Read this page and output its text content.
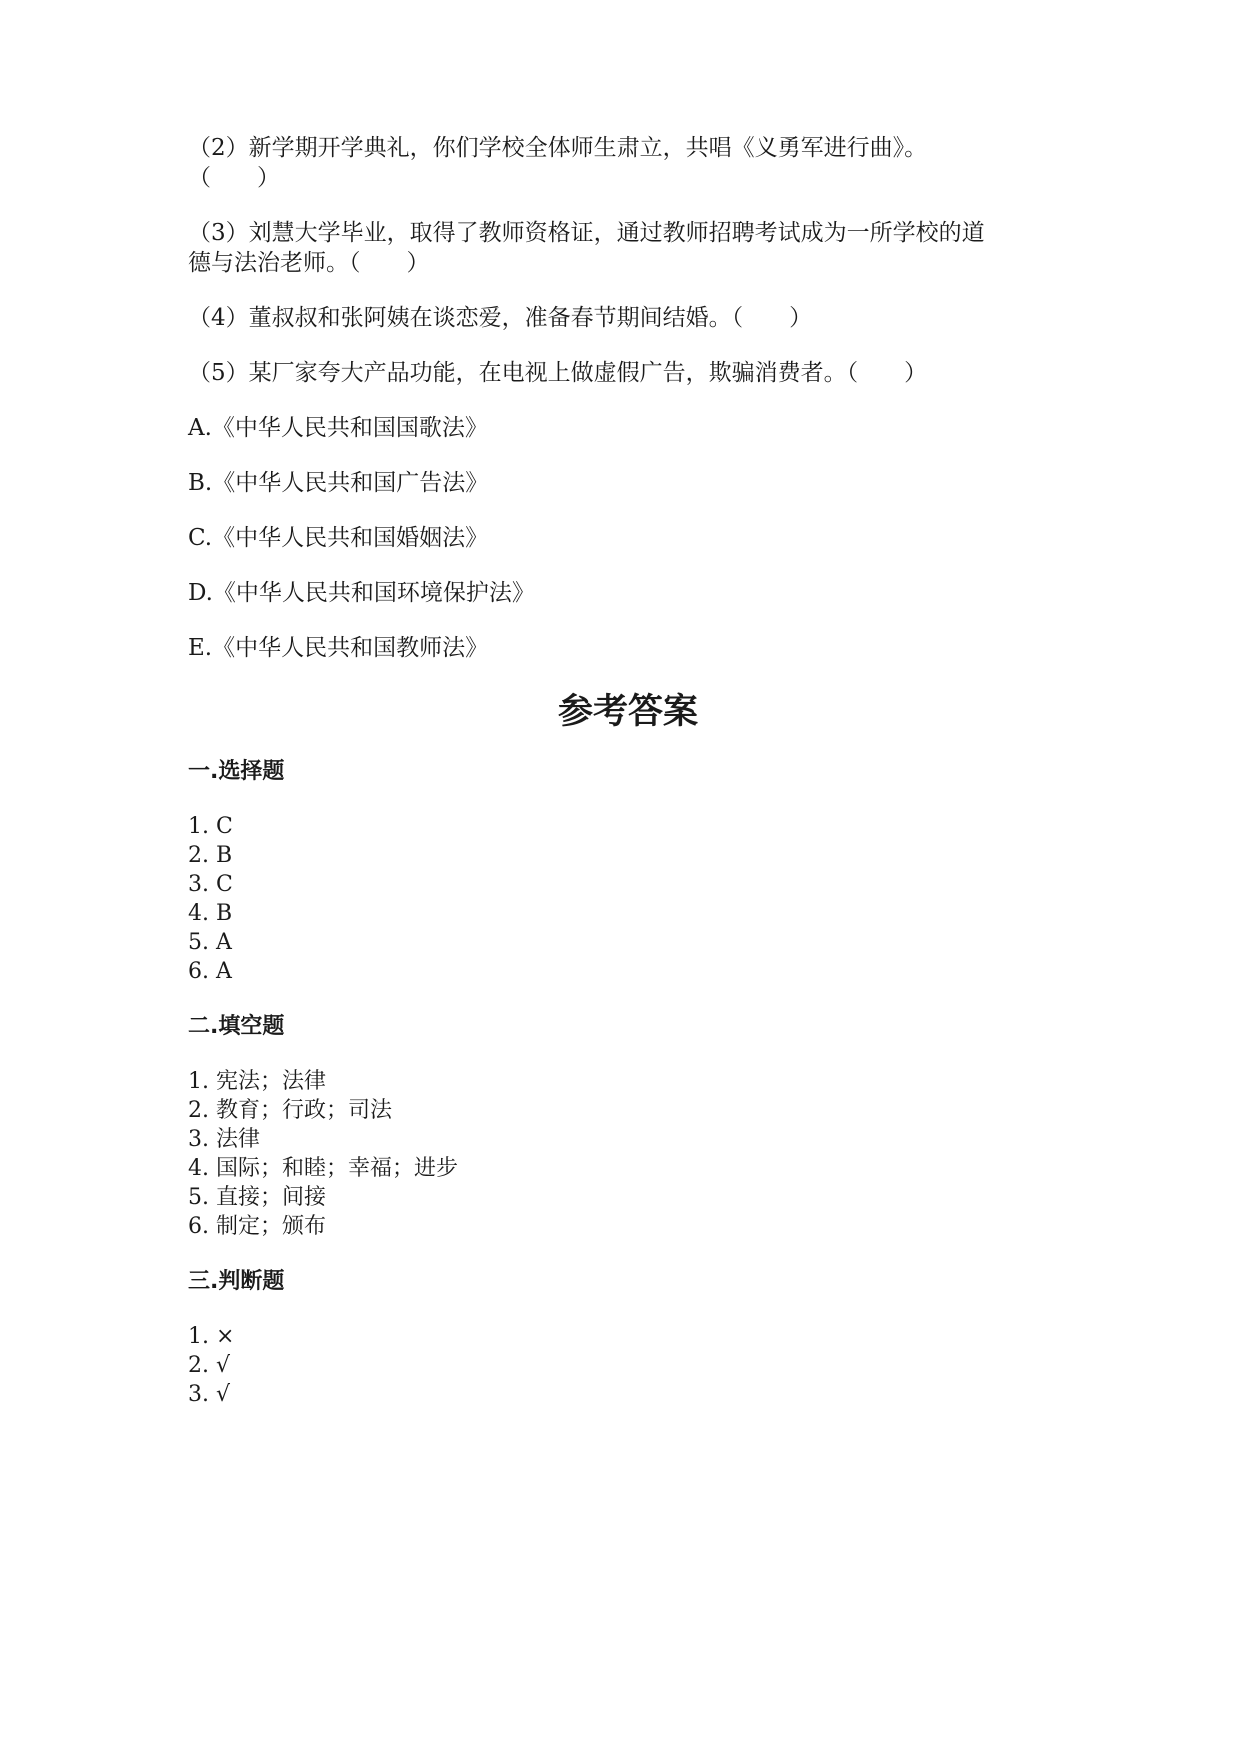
（2）新学期开学典礼，你们学校全体师生肃立，共唱《义勇军进行曲》。
（　　）
（3）刘慧大学毕业，取得了教师资格证，通过教师招聘考试成为一所学校的道
德与法治老师。（　　）
（4）董叔叔和张阿姨在谈恋爱，准备春节期间结婚。（　　）
（5）某厂家夸大产品功能，在电视上做虚假广告，欺骗消费者。（　　）
A.《中华人民共和国国歌法》
B.《中华人民共和国广告法》
C.《中华人民共和国婚姻法》
D.《中华人民共和国环境保护法》
E.《中华人民共和国教师法》
参考答案
一.选择题
1. C
2. B
3. C
4. B
5. A
6. A
二.填空题
1. 宪法；法律
2. 教育；行政；司法
3. 法律
4. 国际；和睦；幸福；进步
5. 直接；间接
6. 制定；颁布
三.判断题
1. ×
2. √
3. √
